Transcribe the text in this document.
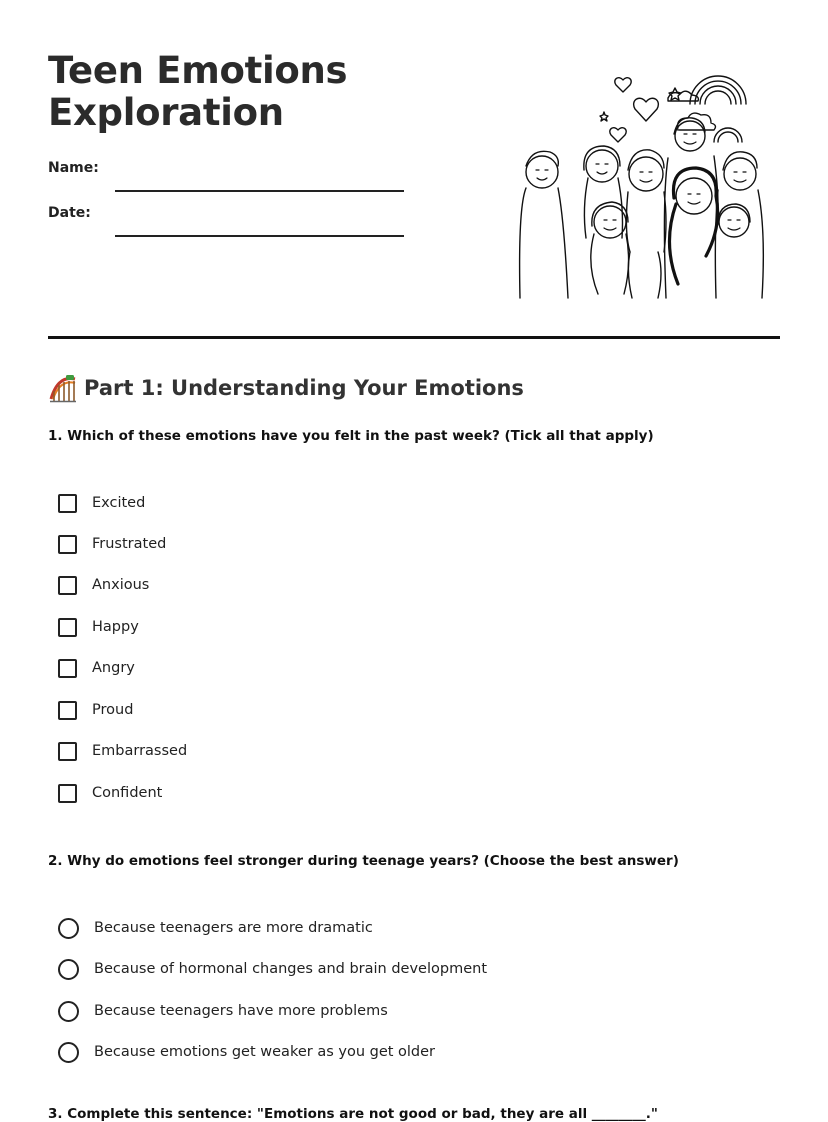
Teen Emotions
Exploration
Name:
Date:
Part 1: Understanding Your Emotions

1. Which of these emotions have you felt in the past week? (Tick all that apply)

Excited
Frustrated
Anxious
Happy
Angry
Proud
Embarrassed
Confident

2. Why do emotions feel stronger during teenage years? (Choose the best answer)

Because teenagers are more dramatic
Because of hormonal changes and brain development
Because teenagers have more problems
Because emotions get weaker as you get older

3. Complete this sentence: "Emotions are not good or bad, they are all ________."
